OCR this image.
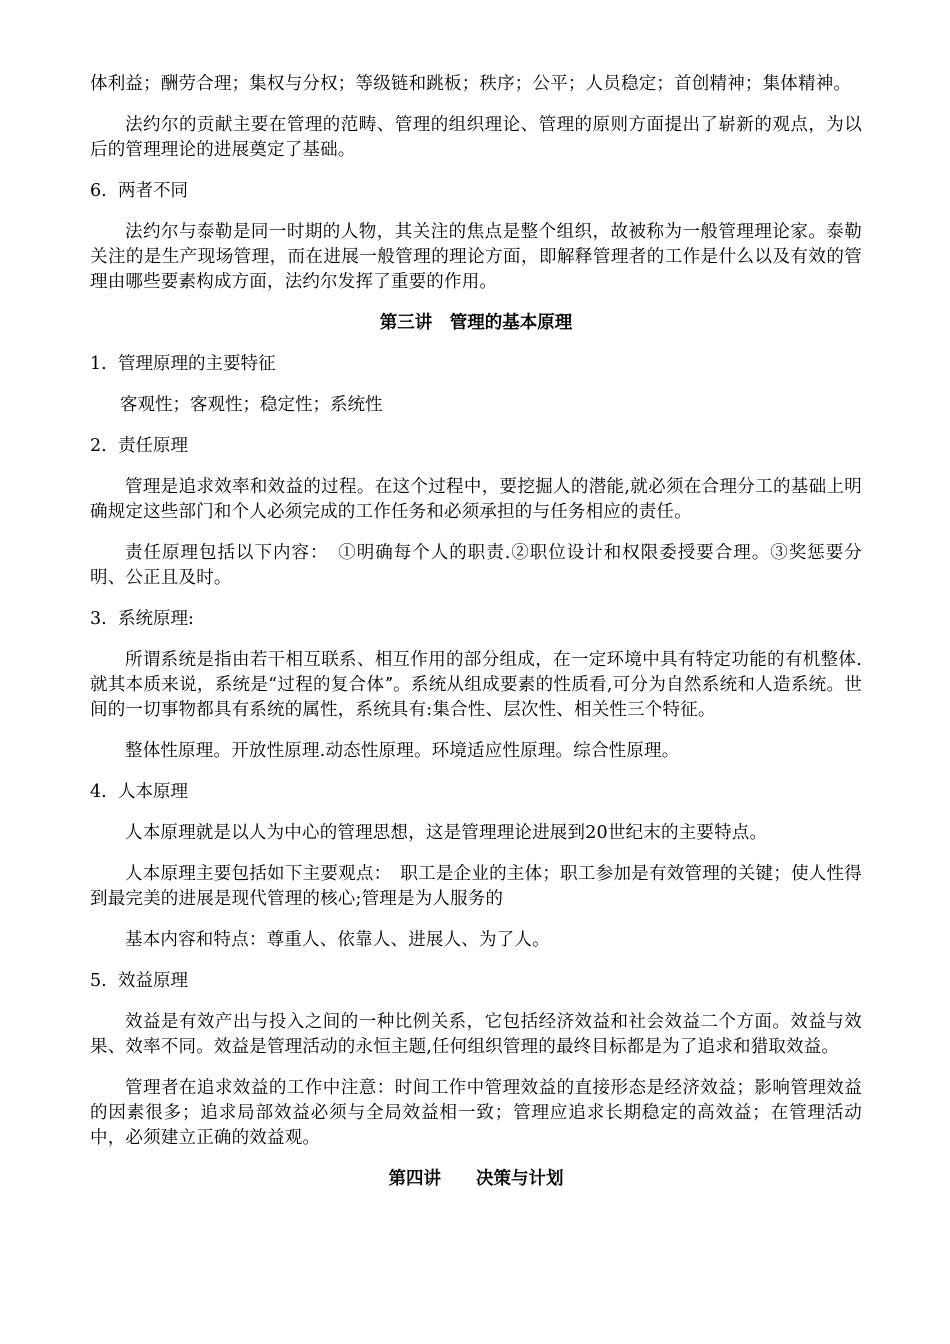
体利益；酬劳合理；集权与分权；等级链和跳板；秩序；公平；人员稳定；首创精神；集体精神。

法约尔的贡献主要在管理的范畴、管理的组织理论、管理的原则方面提出了崭新的观点，为以后的管理理论的进展奠定了基础。

6. 两者不同

法约尔与泰勒是同一时期的人物，其关注的焦点是整个组织，故被称为一般管理理论家。泰勒关注的是生产现场管理，而在进展一般管理的理论方面，即解释管理者的工作是什么以及有效的管理由哪些要素构成方面，法约尔发挥了重要的作用。

第三讲　管理的基本原理
1. 管理原理的主要特征

客观性；客观性；稳定性；系统性

2. 责任原理

管理是追求效率和效益的过程。在这个过程中，要挖掘人的潜能,就必须在合理分工的基础上明确规定这些部门和个人必须完成的工作任务和必须承担的与任务相应的责任。

责任原理包括以下内容：　①明确每个人的职责.②职位设计和权限委授要合理。③奖惩要分明、公正且及时。

3. 系统原理:

所谓系统是指由若干相互联系、相互作用的部分组成，在一定环境中具有特定功能的有机整体.就其本质来说，系统是“过程的复合体ˮ。系统从组成要素的性质看,可分为自然系统和人造系统。世间的一切事物都具有系统的属性，系统具有:集合性、层次性、相关性三个特征。

整体性原理。开放性原理.动态性原理。环境适应性原理。综合性原理。

4. 人本原理

人本原理就是以人为中心的管理思想，这是管理理论进展到20世纪末的主要特点。

人本原理主要包括如下主要观点：　职工是企业的主体；职工参加是有效管理的关键；使人性得到最完美的进展是现代管理的核心;管理是为人服务的

基本内容和特点：尊重人、依靠人、进展人、为了人。

5. 效益原理

效益是有效产出与投入之间的一种比例关系，它包括经济效益和社会效益二个方面。效益与效果、效率不同。效益是管理活动的永恒主题,任何组织管理的最终目标都是为了追求和猎取效益。

管理者在追求效益的工作中注意：时间工作中管理效益的直接形态是经济效益；影响管理效益的因素很多；追求局部效益必须与全局效益相一致；管理应追求长期稳定的高效益；在管理活动中，必须建立正确的效益观。

第四讲　　决策与计划
